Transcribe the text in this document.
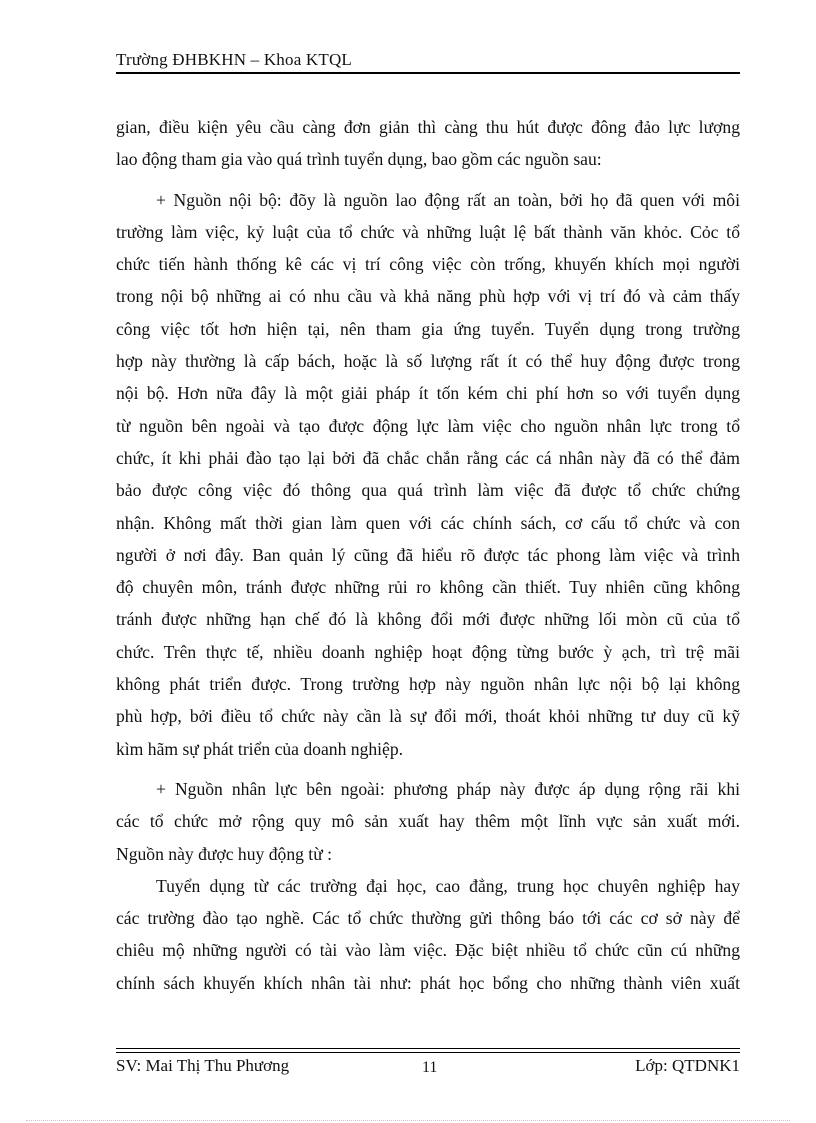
Trường ĐHBKHN – Khoa KTQL
gian, điều kiện yêu cầu càng đơn giản thì càng thu hút được đông đảo lực lượng
lao động tham gia vào quá trình tuyển dụng, bao gồm các nguồn sau:
+ Nguồn nội bộ: đõy là nguồn lao động rất an toàn, bởi họ đã quen với môi
trường làm việc, kỷ luật của tổ chức và những luật lệ bất thành văn khỏc. Cỏc tổ
chức tiến hành thống kê các vị trí công việc còn trống, khuyến khích mọi người
trong nội bộ những ai có nhu cầu và khả năng phù hợp với vị trí đó và cảm thấy
công việc tốt hơn hiện tại, nên tham gia ứng tuyển. Tuyển dụng trong trường
hợp này thường là cấp bách, hoặc là số lượng rất ít có thể huy động được trong
nội bộ. Hơn nữa đây là một giải pháp ít tốn kém chi phí hơn so với tuyển dụng
từ nguồn bên ngoài và tạo được động lực làm việc cho nguồn nhân lực trong tổ
chức, ít khi phải đào tạo lại bởi đã chắc chắn rằng các cá nhân này đã có thể đảm
bảo được công việc đó thông qua quá trình làm việc đã được tổ chức chứng
nhận. Không mất thời gian làm quen với các chính sách, cơ cấu tổ chức và con
người ở nơi đây. Ban quản lý cũng đã hiểu rõ được tác phong làm việc và trình
độ chuyên môn, tránh được những rủi ro không cần thiết. Tuy nhiên cũng không
tránh được những hạn chế đó là không đổi mới được những lối mòn cũ của tổ
chức. Trên thực tế, nhiều doanh nghiệp hoạt động từng bước ỳ ạch, trì trệ mãi
không phát triển được. Trong trường hợp này nguồn nhân lực nội bộ lại không
phù hợp, bởi điều tổ chức này cần là sự đổi mới, thoát khỏi những tư duy cũ kỹ
kìm hãm sự phát triển của doanh nghiệp.
+ Nguồn nhân lực bên ngoài: phương pháp này được áp dụng rộng rãi khi
các tổ chức mở rộng quy mô sản xuất hay thêm một lĩnh vực sản xuất mới.
Nguồn này được huy động từ :
Tuyển dụng từ các trường đại học, cao đẳng, trung học chuyên nghiệp hay
các trường đào tạo nghề. Các tổ chức thường gửi thông báo tới các cơ sở này để
chiêu mộ những người có tài vào làm việc. Đặc biệt nhiều tổ chức cũn cú những
chính sách khuyến khích nhân tài như: phát học bổng cho những thành viên xuất
SV: Mai Thị Thu Phương	11	Lớp: QTDNK1
